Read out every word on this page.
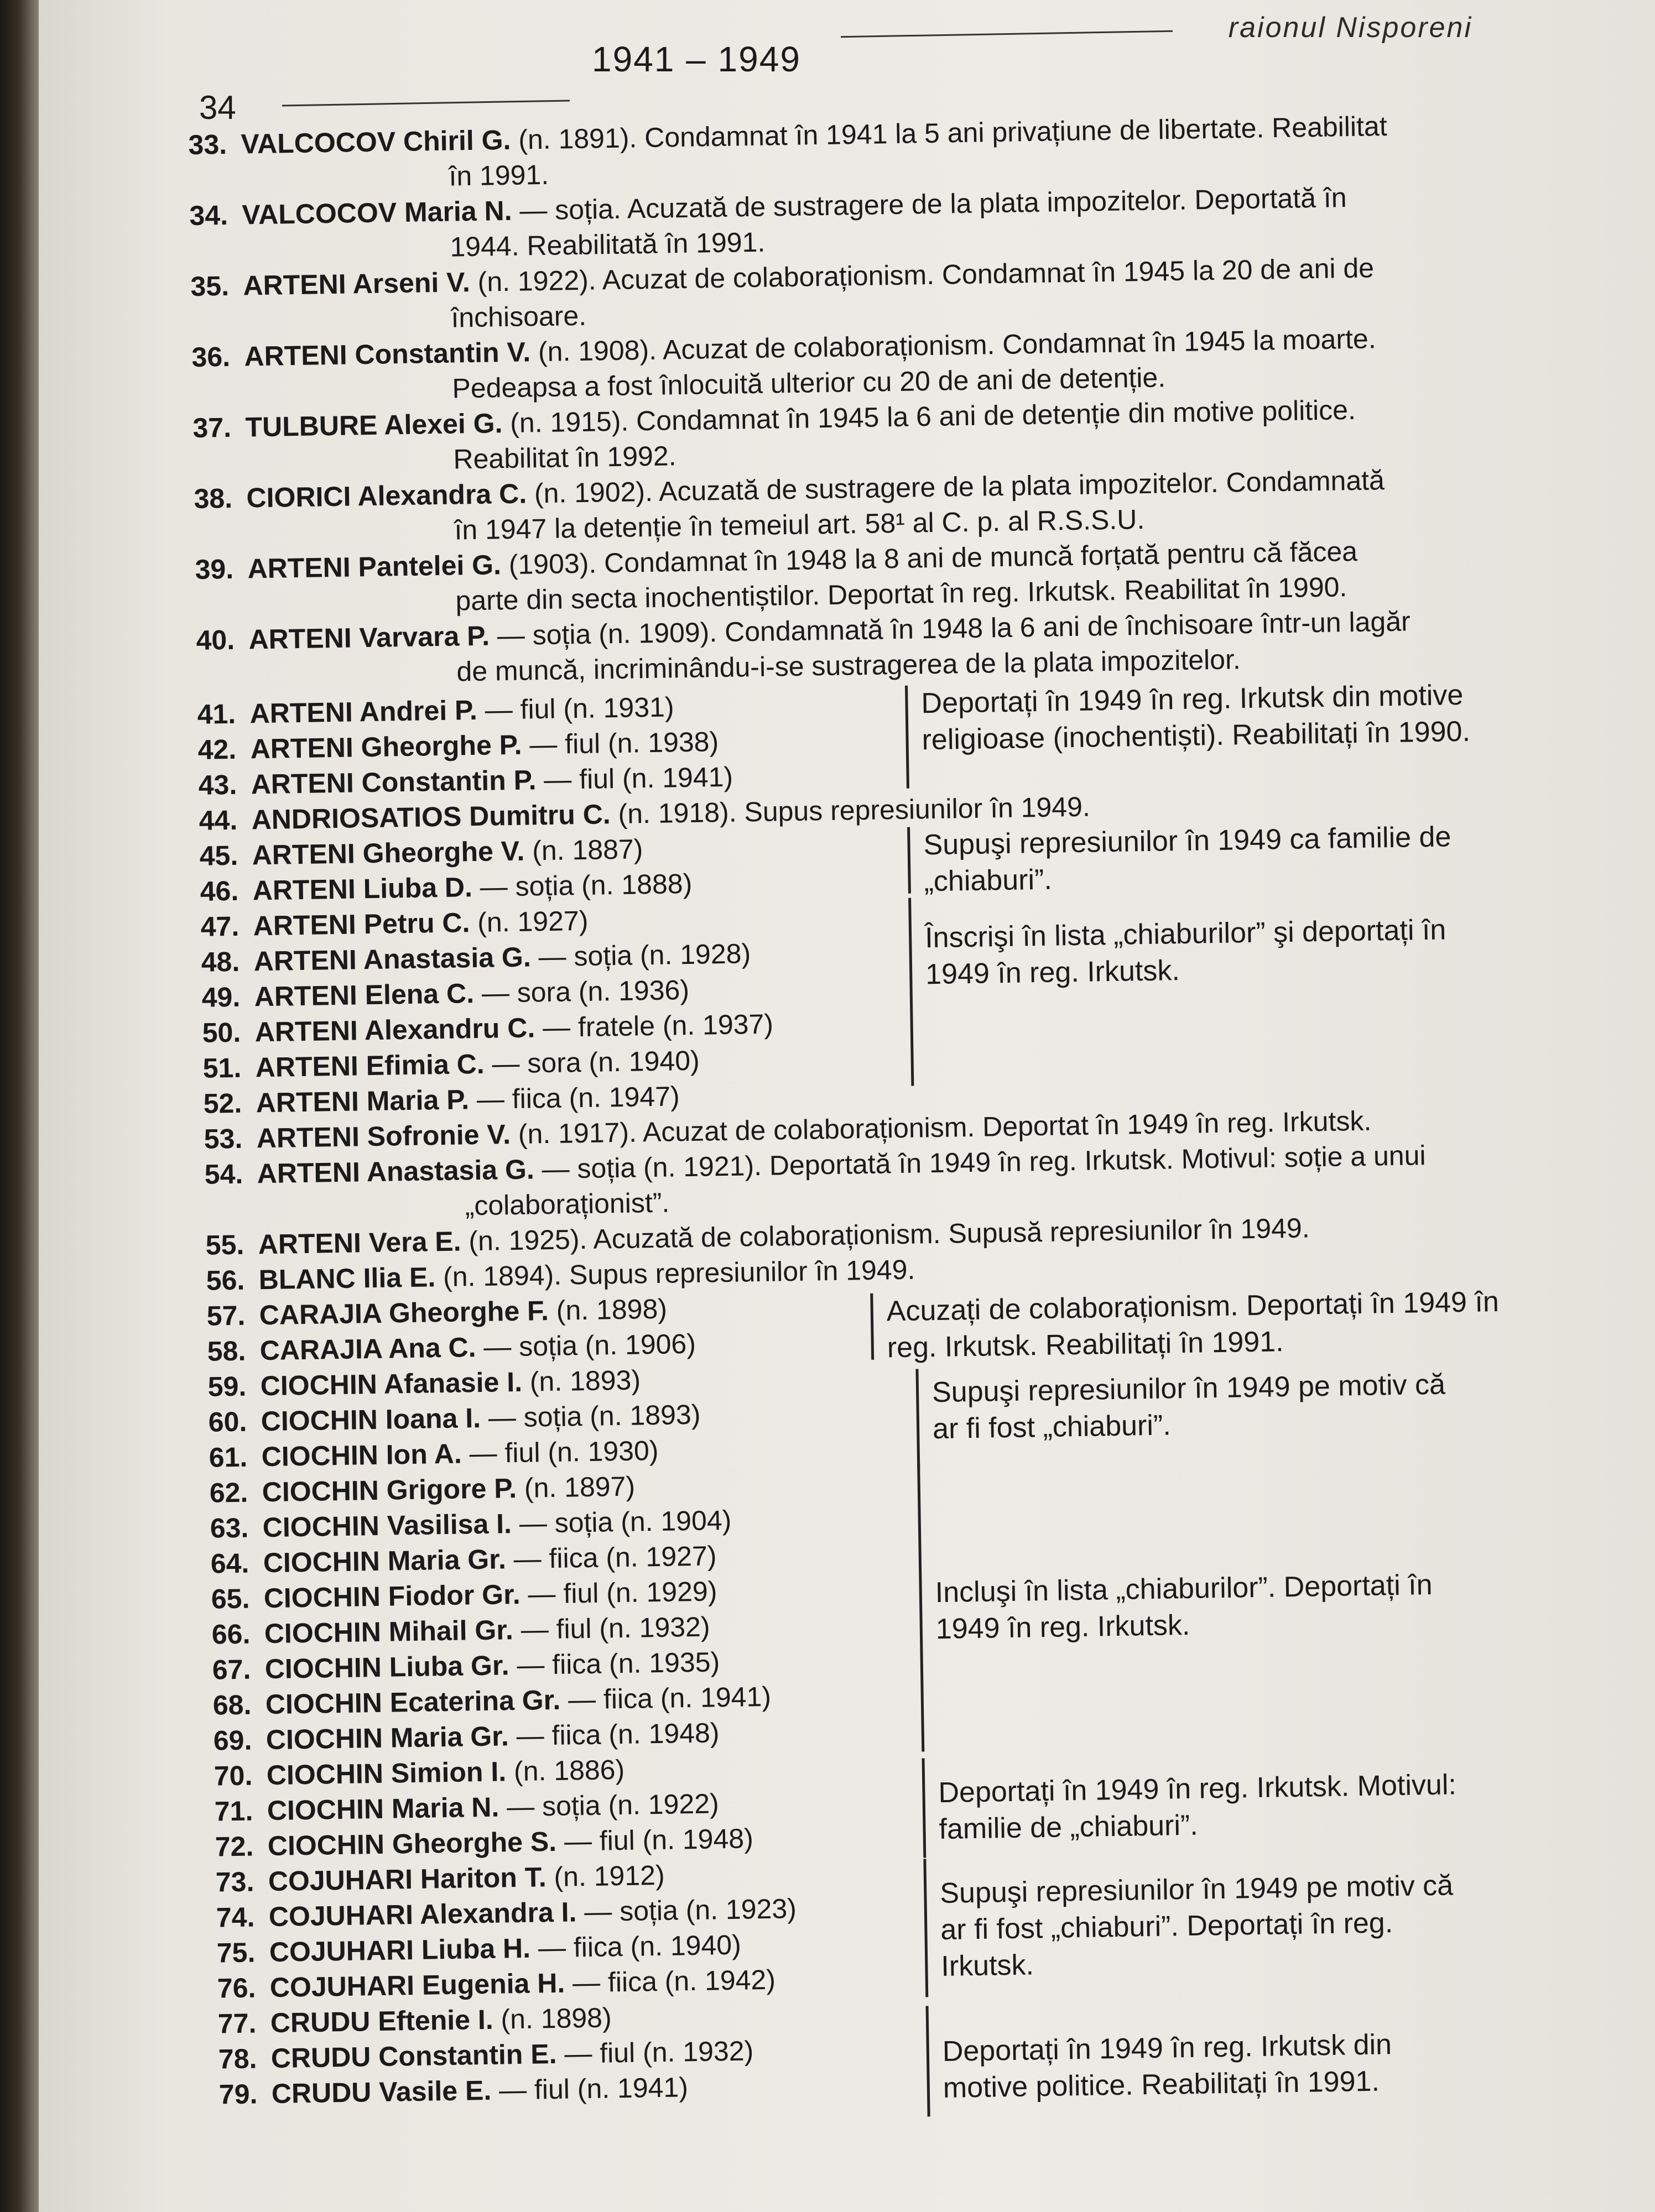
raionul Nisporeni
1941 – 1949
34
33. VALCOCOV Chiril G. (n. 1891). Condamnat în 1941 la 5 ani privațiune de libertate. Reabilitat
în 1991.
34. VALCOCOV Maria N. — soția. Acuzată de sustragere de la plata impozitelor. Deportată în
1944. Reabilitată în 1991.
35. ARTENI Arseni V. (n. 1922). Acuzat de colaboraționism. Condamnat în 1945 la 20 de ani de
închisoare.
36. ARTENI Constantin V. (n. 1908). Acuzat de colaboraționism. Condamnat în 1945 la moarte.
Pedeapsa a fost înlocuită ulterior cu 20 de ani de detenție.
37. TULBURE Alexei G. (n. 1915). Condamnat în 1945 la 6 ani de detenție din motive politice.
Reabilitat în 1992.
38. CIORICI Alexandra C. (n. 1902). Acuzată de sustragere de la plata impozitelor. Condamnată
în 1947 la detenție în temeiul art. 58¹ al C. p. al R.S.S.U.
39. ARTENI Pantelei G. (1903). Condamnat în 1948 la 8 ani de muncă forțată pentru că făcea
parte din secta inochentiștilor. Deportat în reg. Irkutsk. Reabilitat în 1990.
40. ARTENI Varvara P. — soția (n. 1909). Condamnată în 1948 la 6 ani de închisoare într-un lagăr
de muncă, incriminându-i-se sustragerea de la plata impozitelor.
Deportați în 1949 în reg. Irkutsk din motive religioase (inochentiști). Reabilitați în 1990.
41. ARTENI Andrei P. — fiul (n. 1931)
42. ARTENI Gheorghe P. — fiul (n. 1938)
43. ARTENI Constantin P. — fiul (n. 1941)
44. ANDRIOSATIOS Dumitru C. (n. 1918). Supus represiunilor în 1949.
Supuşi represiunilor în 1949 ca familie de „chiaburi”.
45. ARTENI Gheorghe V. (n. 1887)
46. ARTENI Liuba D. — soția (n. 1888)
Înscrişi în lista „chiaburilor” şi deportați în 1949 în reg. Irkutsk.
47. ARTENI Petru C. (n. 1927)
48. ARTENI Anastasia G. — soția (n. 1928)
49. ARTENI Elena C. — sora (n. 1936)
50. ARTENI Alexandru C. — fratele (n. 1937)
51. ARTENI Efimia C. — sora (n. 1940)
52. ARTENI Maria P. — fiica (n. 1947)
53. ARTENI Sofronie V. (n. 1917). Acuzat de colaboraționism. Deportat în 1949 în reg. Irkutsk.
54. ARTENI Anastasia G. — soția (n. 1921). Deportată în 1949 în reg. Irkutsk. Motivul: soție a unui
„colaboraționist”.
55. ARTENI Vera E. (n. 1925). Acuzată de colaboraționism. Supusă represiunilor în 1949.
56. BLANC Ilia E. (n. 1894). Supus represiunilor în 1949.
Acuzați de colaboraționism. Deportați în 1949 în reg. Irkutsk. Reabilitați în 1991.
57. CARAJIA Gheorghe F. (n. 1898)
58. CARAJIA Ana C. — soția (n. 1906)
Supuşi represiunilor în 1949 pe motiv că ar fi fost „chiaburi”.
59. CIOCHIN Afanasie I. (n. 1893)
60. CIOCHIN Ioana I. — soția (n. 1893)
61. CIOCHIN Ion A. — fiul (n. 1930)
Incluşi în lista „chiaburilor”. Deportați în 1949 în reg. Irkutsk.
62. CIOCHIN Grigore P. (n. 1897)
63. CIOCHIN Vasilisa I. — soția (n. 1904)
64. CIOCHIN Maria Gr. — fiica (n. 1927)
65. CIOCHIN Fiodor Gr. — fiul (n. 1929)
66. CIOCHIN Mihail Gr. — fiul (n. 1932)
67. CIOCHIN Liuba Gr. — fiica (n. 1935)
68. CIOCHIN Ecaterina Gr. — fiica (n. 1941)
69. CIOCHIN Maria Gr. — fiica (n. 1948)
Deportați în 1949 în reg. Irkutsk. Motivul: familie de „chiaburi”.
70. CIOCHIN Simion I. (n. 1886)
71. CIOCHIN Maria N. — soția (n. 1922)
72. CIOCHIN Gheorghe S. — fiul (n. 1948)
Supuşi represiunilor în 1949 pe motiv că ar fi fost „chiaburi”. Deportați în reg. Irkutsk.
73. COJUHARI Hariton T. (n. 1912)
74. COJUHARI Alexandra I. — soția (n. 1923)
75. COJUHARI Liuba H. — fiica (n. 1940)
76. COJUHARI Eugenia H. — fiica (n. 1942)
Deportați în 1949 în reg. Irkutsk din motive politice. Reabilitați în 1991.
77. CRUDU Eftenie I. (n. 1898)
78. CRUDU Constantin E. — fiul (n. 1932)
79. CRUDU Vasile E. — fiul (n. 1941)
